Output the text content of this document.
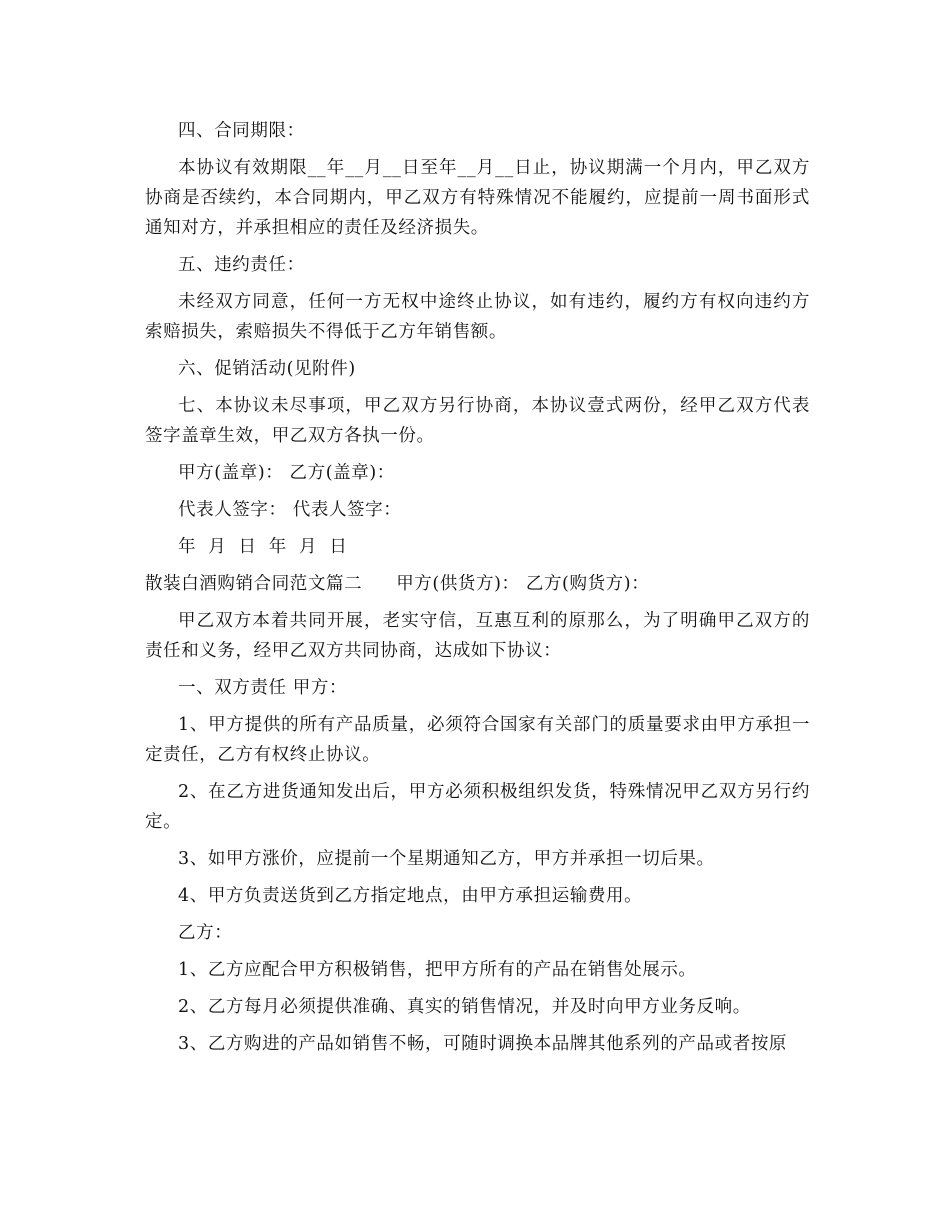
四、合同期限：

本协议有效期限__年__月__日至年__月__日止，协议期满一个月内，甲乙双方协商是否续约，本合同期内，甲乙双方有特殊情况不能履约，应提前一周书面形式通知对方，并承担相应的责任及经济损失。

五、违约责任：

未经双方同意，任何一方无权中途终止协议，如有违约，履约方有权向违约方索赔损失，索赔损失不得低于乙方年销售额。

六、促销活动(见附件)

七、本协议未尽事项，甲乙双方另行协商，本协议壹式两份，经甲乙双方代表签字盖章生效，甲乙双方各执一份。

甲方(盖章)： 乙方(盖章)：

代表人签字： 代表人签字：

年 月 日 年 月 日

散装白酒购销合同范文篇二 甲方(供货方)： 乙方(购货方)：

甲乙双方本着共同开展，老实守信，互惠互利的原那么，为了明确甲乙双方的责任和义务，经甲乙双方共同协商，达成如下协议：

一、双方责任 甲方：

1、甲方提供的所有产品质量，必须符合国家有关部门的质量要求由甲方承担一定责任，乙方有权终止协议。

2、在乙方进货通知发出后，甲方必须积极组织发货，特殊情况甲乙双方另行约定。

3、如甲方涨价，应提前一个星期通知乙方，甲方并承担一切后果。

4、甲方负责送货到乙方指定地点，由甲方承担运输费用。

乙方：

1、乙方应配合甲方积极销售，把甲方所有的产品在销售处展示。

2、乙方每月必须提供准确、真实的销售情况，并及时向甲方业务反响。

3、乙方购进的产品如销售不畅，可随时调换本品牌其他系列的产品或者按原
